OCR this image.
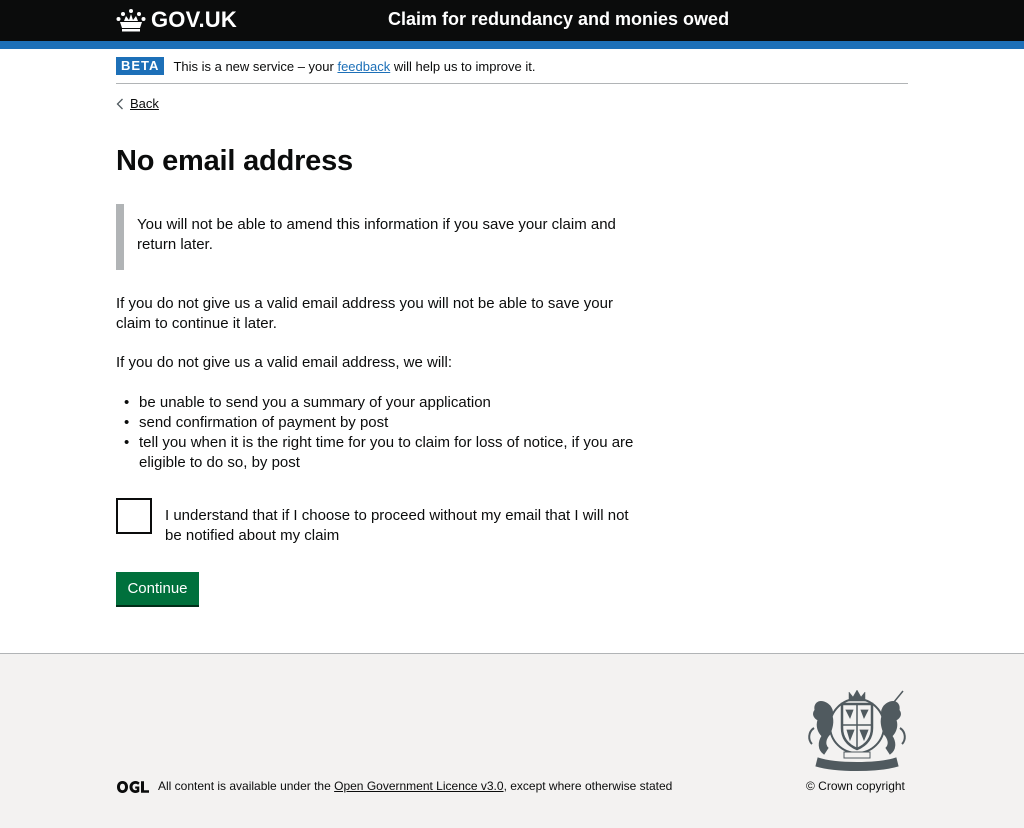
GOV.UK	Claim for redundancy and monies owed
BETA	This is a new service – your feedback will help us to improve it.
Back
No email address
You will not be able to amend this information if you save your claim and return later.

If you do not give us a valid email address you will not be able to save your claim to continue it later.

If you do not give us a valid email address, we will:

• be unable to send you a summary of your application
• send confirmation of payment by post
• tell you when it is the right time for you to claim for loss of notice, if you are eligible to do so, by post
I understand that if I choose to proceed without my email that I will not be notified about my claim
Continue
All content is available under the Open Government Licence v3.0, except where otherwise stated	© Crown copyright
